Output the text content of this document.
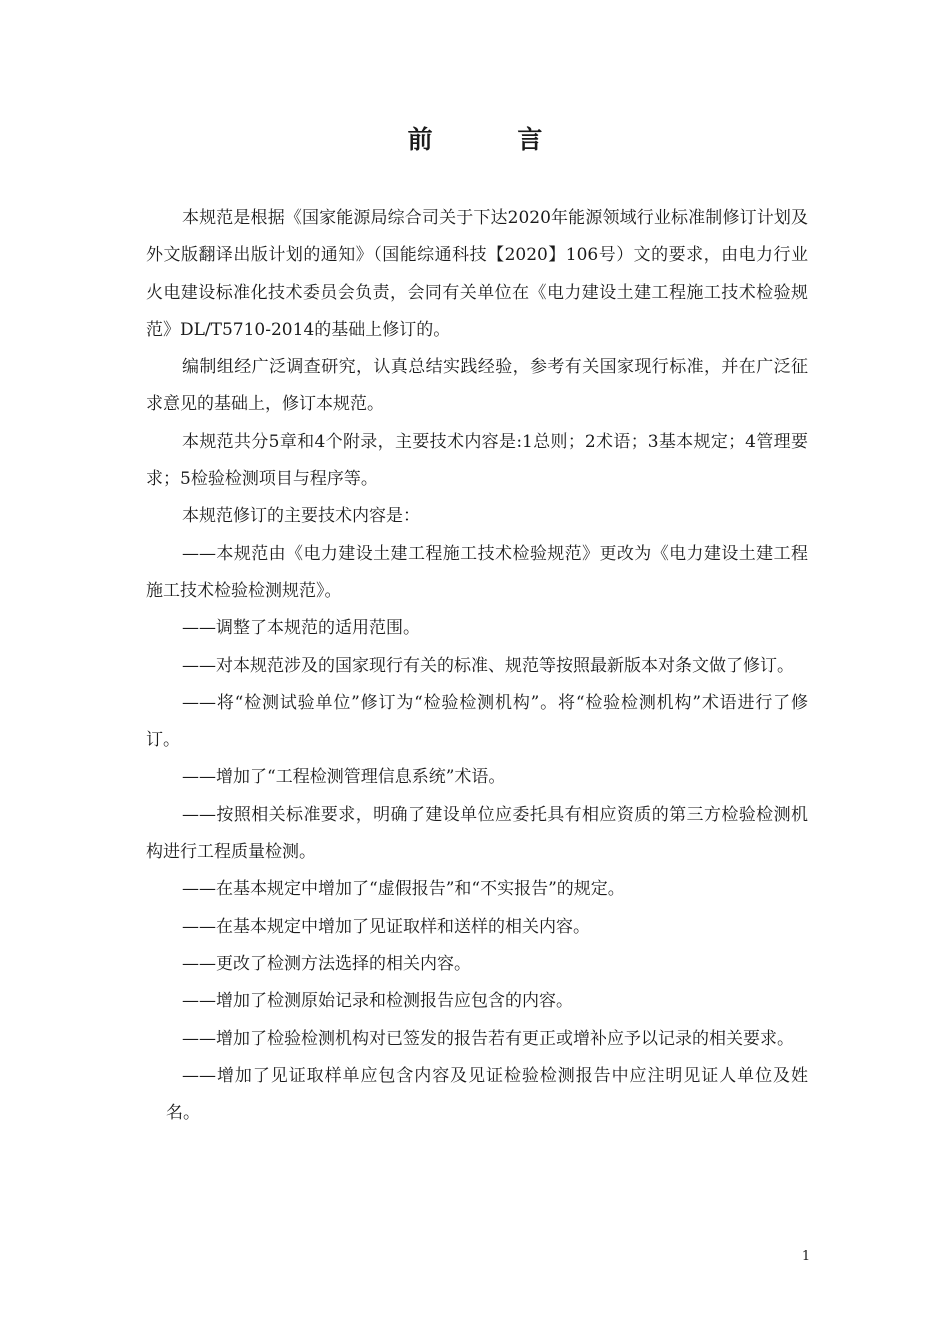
前 言

本规范是根据《国家能源局综合司关于下达2020年能源领域行业标准制修订计划及外文版翻译出版计划的通知》（国能综通科技【2020】106号）文的要求，由电力行业火电建设标准化技术委员会负责，会同有关单位在《电力建设土建工程施工技术检验规范》DL/T5710-2014的基础上修订的。

编制组经广泛调查研究，认真总结实践经验，参考有关国家现行标准，并在广泛征求意见的基础上，修订本规范。

本规范共分5章和4个附录，主要技术内容是:1总则；2术语；3基本规定；4管理要求；5检验检测项目与程序等。

本规范修订的主要技术内容是：

——本规范由《电力建设土建工程施工技术检验规范》更改为《电力建设土建工程施工技术检验检测规范》。

——调整了本规范的适用范围。

——对本规范涉及的国家现行有关的标准、规范等按照最新版本对条文做了修订。

——将“检测试验单位”修订为“检验检测机构”。将“检验检测机构”术语进行了修订。

——增加了“工程检测管理信息系统”术语。

——按照相关标准要求，明确了建设单位应委托具有相应资质的第三方检验检测机构进行工程质量检测。

——在基本规定中增加了“虚假报告”和“不实报告”的规定。

——在基本规定中增加了见证取样和送样的相关内容。

——更改了检测方法选择的相关内容。

——增加了检测原始记录和检测报告应包含的内容。

——增加了检验检测机构对已签发的报告若有更正或增补应予以记录的相关要求。

——增加了见证取样单应包含内容及见证检验检测报告中应注明见证人单位及姓名。

1
